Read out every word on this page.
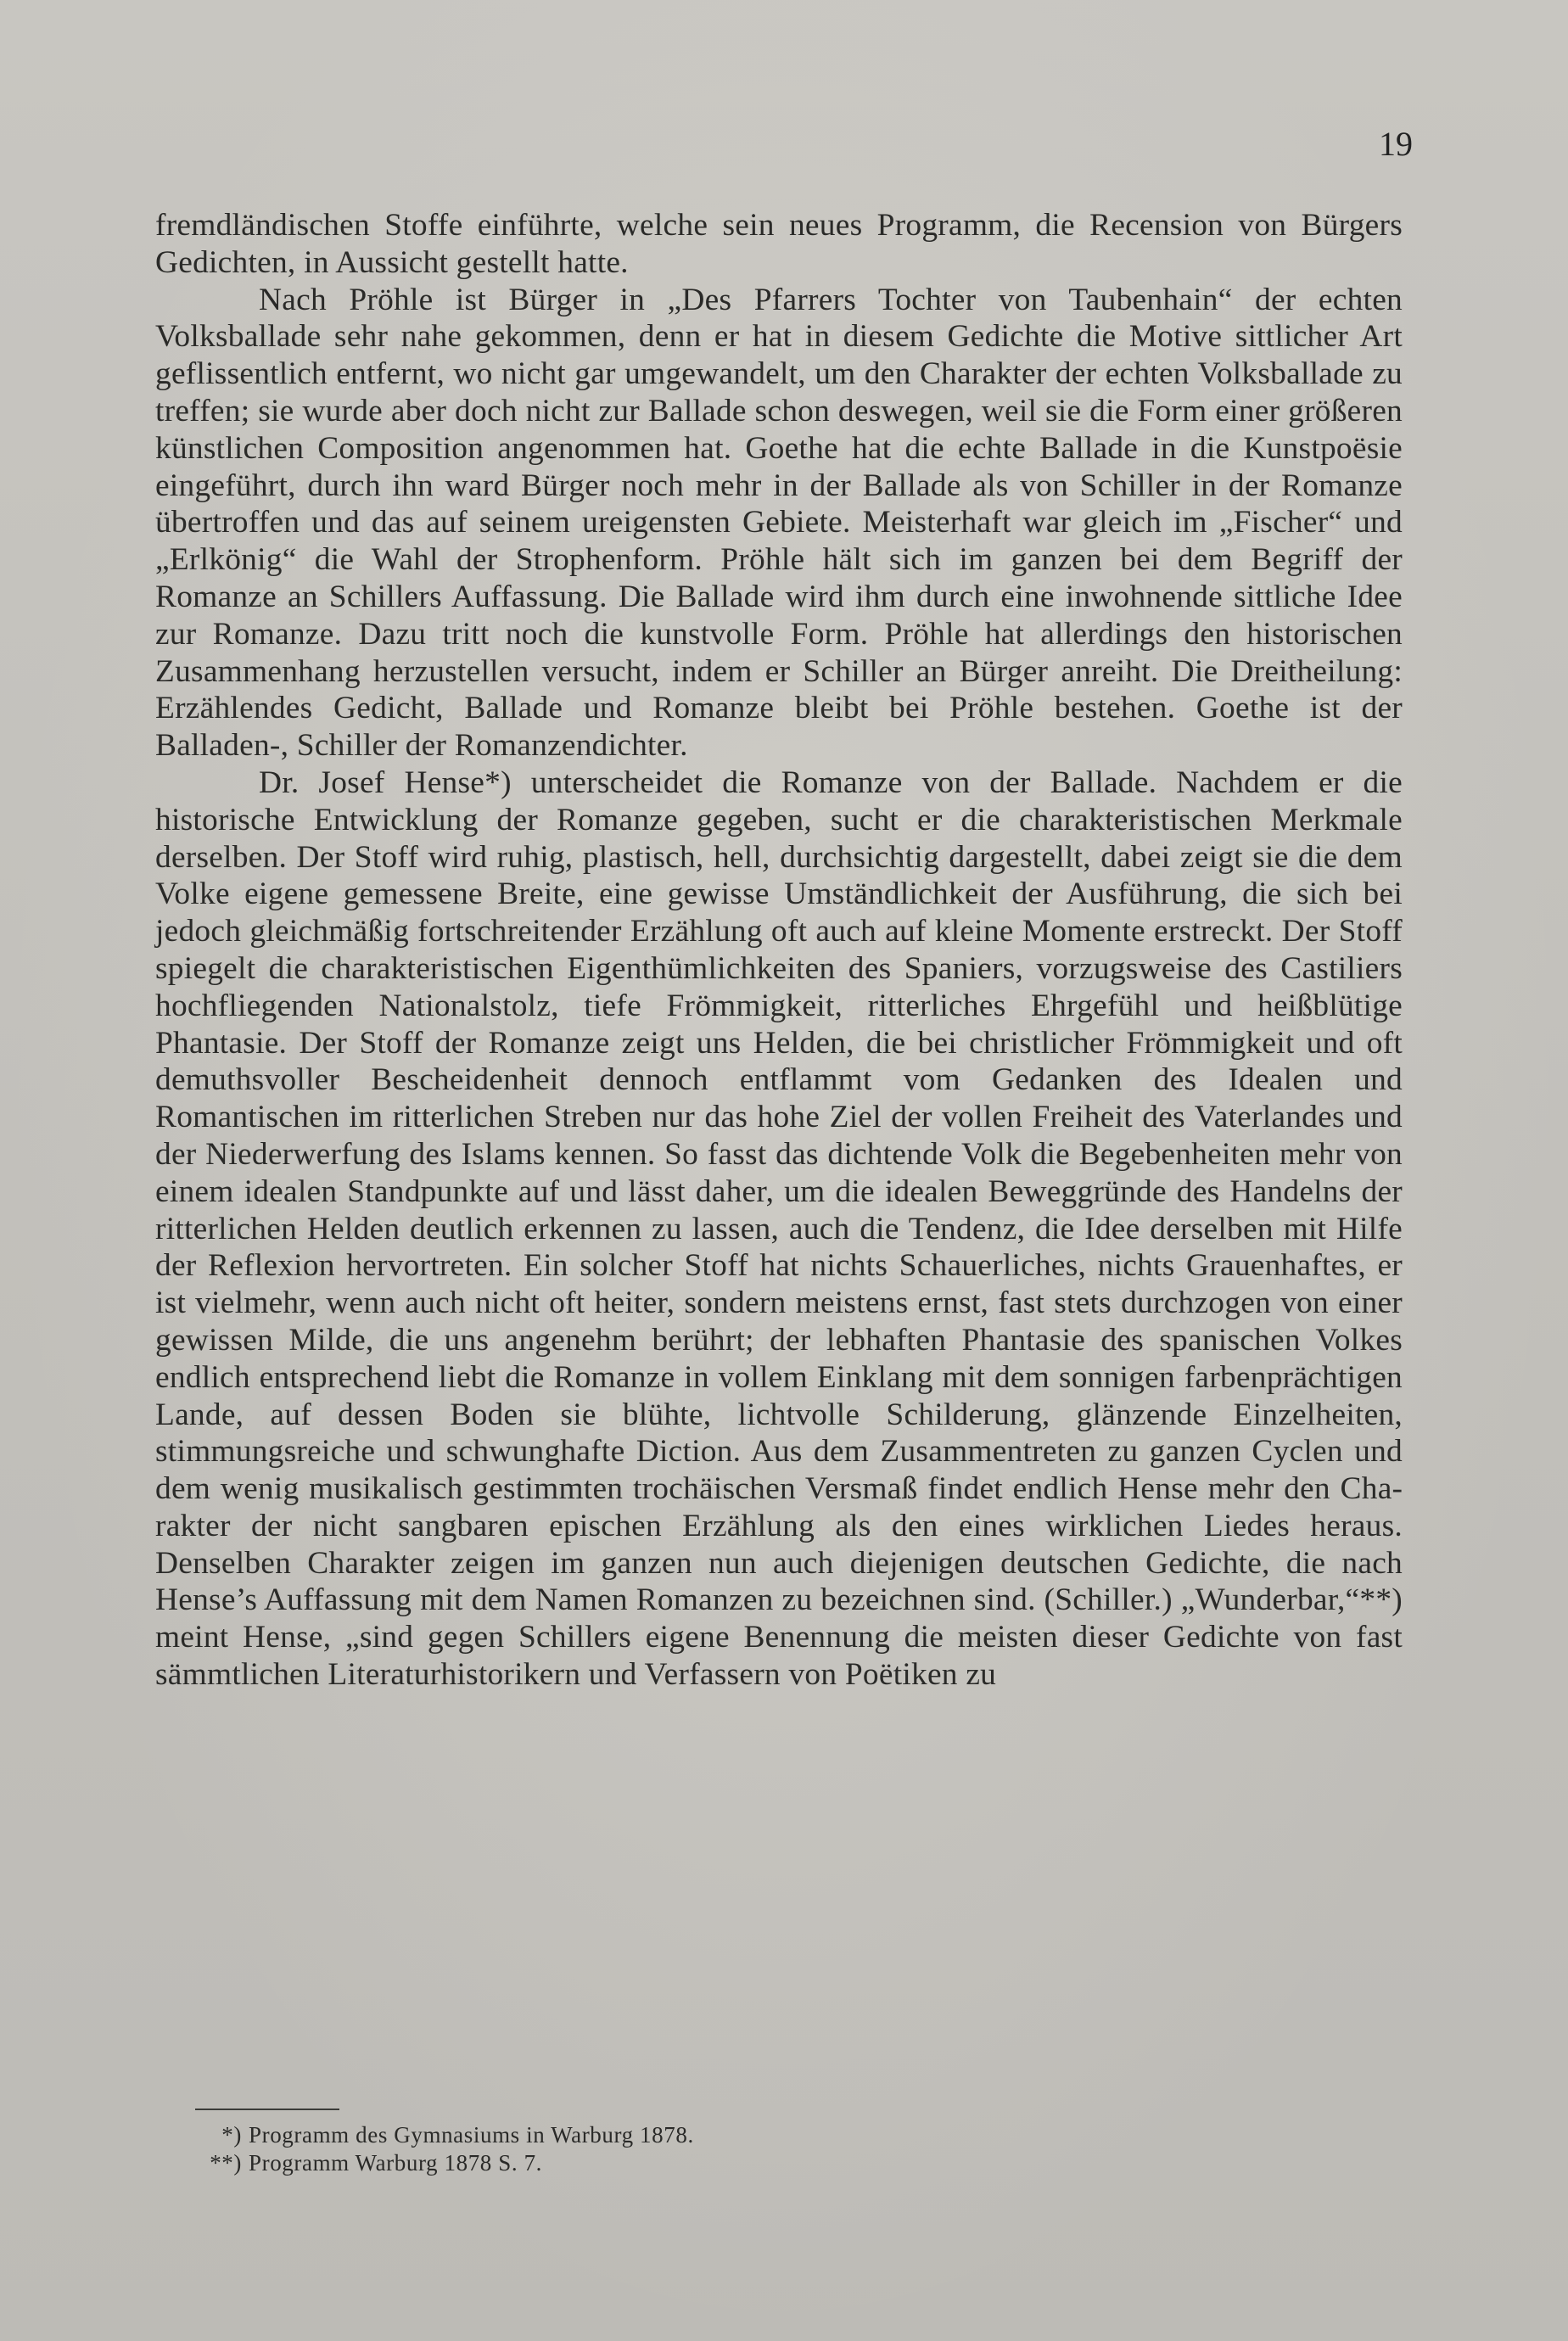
19

fremdländischen Stoffe einführte, welche sein neues Programm, die Recension von Bürgers Gedichten, in Aussicht gestellt hatte.

Nach Pröhle ist Bürger in „Des Pfarrers Tochter von Taubenhain“ der echten Volksballade sehr nahe gekommen, denn er hat in diesem Gedichte die Motive sittlicher Art geflissentlich entfernt, wo nicht gar umgewandelt, um den Charakter der echten Volksballade zu treffen; sie wurde aber doch nicht zur Ballade schon deswegen, weil sie die Form einer größeren künstlichen Composition angenommen hat. Goethe hat die echte Ballade in die Kunstpoësie eingeführt, durch ihn ward Bürger noch mehr in der Ballade als von Schiller in der Romanze übertroffen und das auf seinem ureigensten Gebiete. Meisterhaft war gleich im „Fischer“ und „Erlkönig“ die Wahl der Strophenform. Pröhle hält sich im ganzen bei dem Begriff der Romanze an Schillers Auffassung. Die Ballade wird ihm durch eine inwohnende sittliche Idee zur Romanze. Dazu tritt noch die kunstvolle Form. Pröhle hat allerdings den historischen Zusammenhang herzustellen versucht, indem er Schiller an Bürger anreiht. Die Dreitheilung: Erzählendes Gedicht, Ballade und Romanze bleibt bei Pröhle bestehen. Goethe ist der Balladen-, Schiller der Romanzendichter.

Dr. Josef Hense*) unterscheidet die Romanze von der Ballade. Nachdem er die historische Entwicklung der Romanze gegeben, sucht er die charakteristischen Merkmale derselben. Der Stoff wird ruhig, plastisch, hell, durchsichtig dargestellt, dabei zeigt sie die dem Volke eigene gemessene Breite, eine gewisse Umständlichkeit der Ausführung, die sich bei jedoch gleichmäßig fortschreitender Erzählung oft auch auf kleine Momente erstreckt. Der Stoff spiegelt die charakteristischen Eigenthümlichkeiten des Spaniers, vorzugsweise des Castiliers hochfliegenden Nationalstolz, tiefe Frömmigkeit, ritterliches Ehrgefühl und heißblütige Phantasie. Der Stoff der Romanze zeigt uns Helden, die bei christlicher Frömmigkeit und oft demuthsvoller Bescheidenheit dennoch entflammt vom Gedanken des Idealen und Romantischen im ritterlichen Streben nur das hohe Ziel der vollen Freiheit des Vaterlandes und der Niederwerfung des Islams kennen. So fasst das dichtende Volk die Begebenheiten mehr von einem idealen Standpunkte auf und lässt daher, um die idealen Beweggründe des Handelns der ritterlichen Helden deutlich erkennen zu lassen, auch die Tendenz, die Idee derselben mit Hilfe der Reflexion hervortreten. Ein solcher Stoff hat nichts Schauerliches, nichts Grauenhaftes, er ist vielmehr, wenn auch nicht oft heiter, sondern meistens ernst, fast stets durchzogen von einer gewissen Milde, die uns angenehm berührt; der lebhaften Phantasie des spanischen Volkes endlich entsprechend liebt die Romanze in vollem Einklang mit dem sonnigen farbenprächtigen Lande, auf dessen Boden sie blühte, lichtvolle Schilderung, glänzende Einzelheiten, stimmungsreiche und schwunghafte Diction. Aus dem Zusammentreten zu ganzen Cyclen und dem wenig musikalisch gestimmten trochäischen Versmaß findet endlich Hense mehr den Charakter der nicht sangbaren epischen Erzählung als den eines wirklichen Liedes heraus. Denselben Charakter zeigen im ganzen nun auch diejenigen deutschen Gedichte, die nach Hense’s Auffassung mit dem Namen Romanzen zu bezeichnen sind. (Schiller.) „Wunderbar,“**) meint Hense, „sind gegen Schillers eigene Benennung die meisten dieser Gedichte von fast sämmtlichen Literaturhistorikern und Verfassern von Poëtiken zu

*) Programm des Gymnasiums in Warburg 1878.

**) Programm Warburg 1878 S. 7.
